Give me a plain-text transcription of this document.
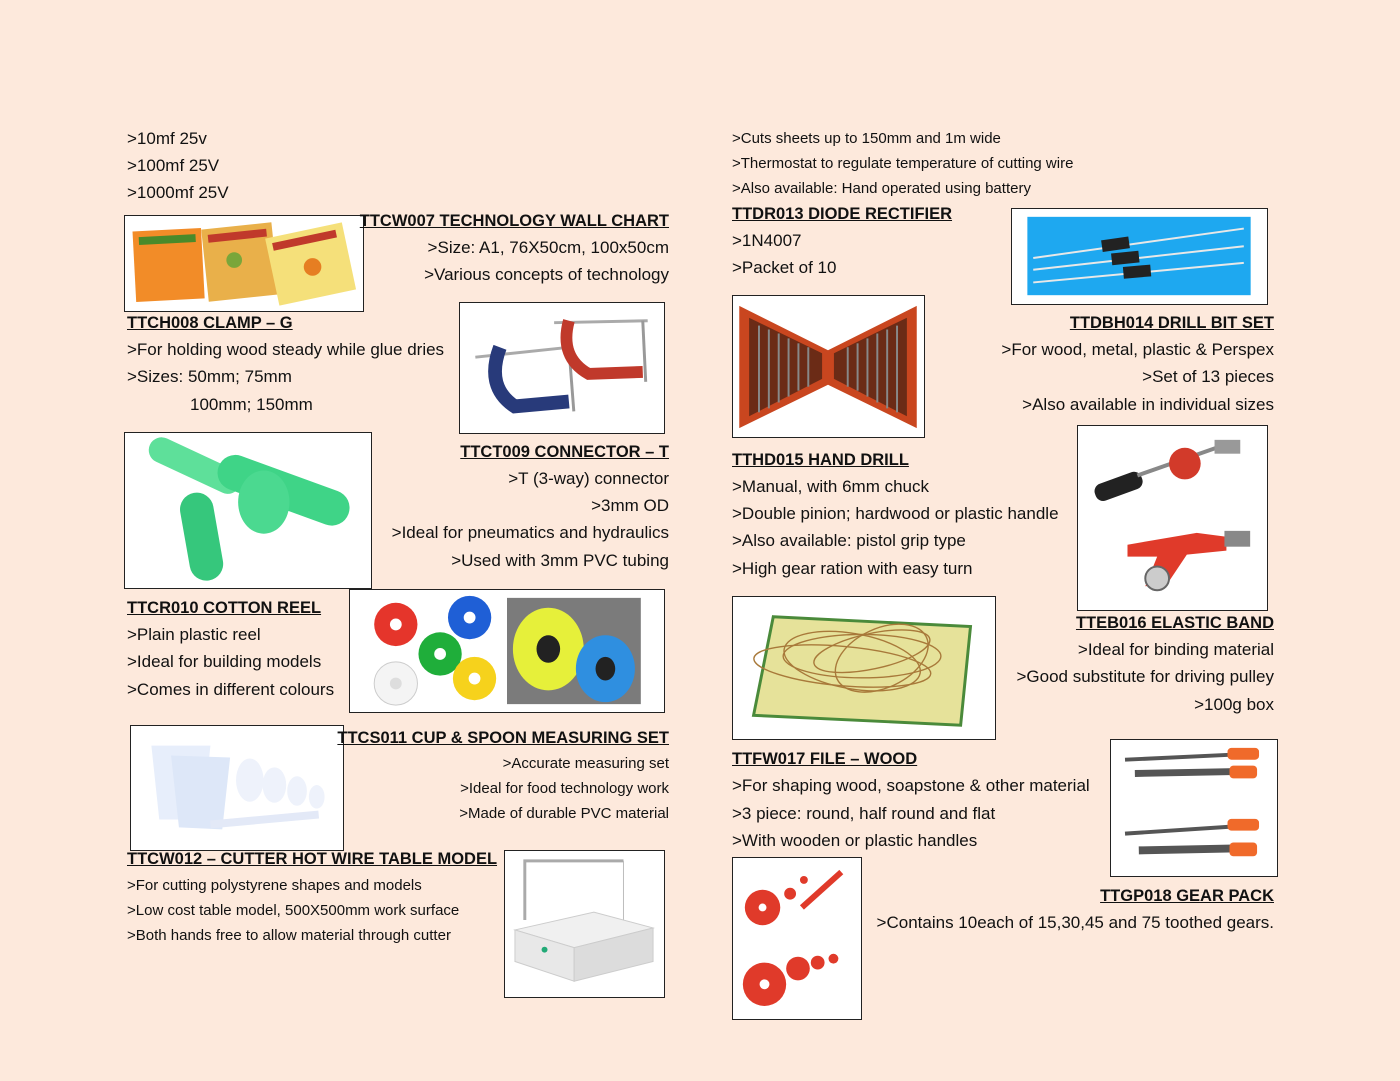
>10mf 25v
>100mf 25V
>1000mf 25V
TTCW007 TECHNOLOGY WALL CHART
>Size: A1, 76X50cm, 100x50cm
>Various concepts of technology
TTCH008 CLAMP – G
>For holding wood steady while glue dries
>Sizes: 50mm; 75mm
100mm; 150mm
TTCT009 CONNECTOR – T
>T (3-way) connector
>3mm OD
>Ideal for pneumatics and hydraulics
>Used with 3mm PVC tubing
TTCR010 COTTON REEL
>Plain plastic reel
>Ideal for building models
>Comes in different colours
TTCS011 CUP & SPOON MEASURING SET
>Accurate measuring set
>Ideal for food technology work
>Made of durable PVC material
TTCW012 – CUTTER HOT WIRE TABLE MODEL
>For cutting polystyrene shapes and models
>Low cost table model, 500X500mm work surface
>Both hands free to allow material through cutter
>Cuts sheets up to 150mm and 1m wide
>Thermostat to regulate temperature of cutting wire
>Also available: Hand operated using battery
TTDR013 DIODE RECTIFIER
>1N4007
>Packet of 10
TTDBH014 DRILL BIT SET
>For wood, metal, plastic & Perspex
>Set of 13 pieces
>Also available in individual sizes
TTHD015 HAND DRILL
>Manual, with 6mm chuck
>Double pinion; hardwood or plastic handle
>Also available: pistol grip type
>High gear ration with easy turn
TTEB016 ELASTIC BAND
>Ideal for binding material
>Good substitute for driving pulley
>100g box
TTFW017 FILE – WOOD
>For shaping wood, soapstone & other material
>3 piece: round, half round and flat
>With wooden or plastic handles
TTGP018 GEAR PACK
>Contains 10each of 15,30,45 and 75 toothed gears.
